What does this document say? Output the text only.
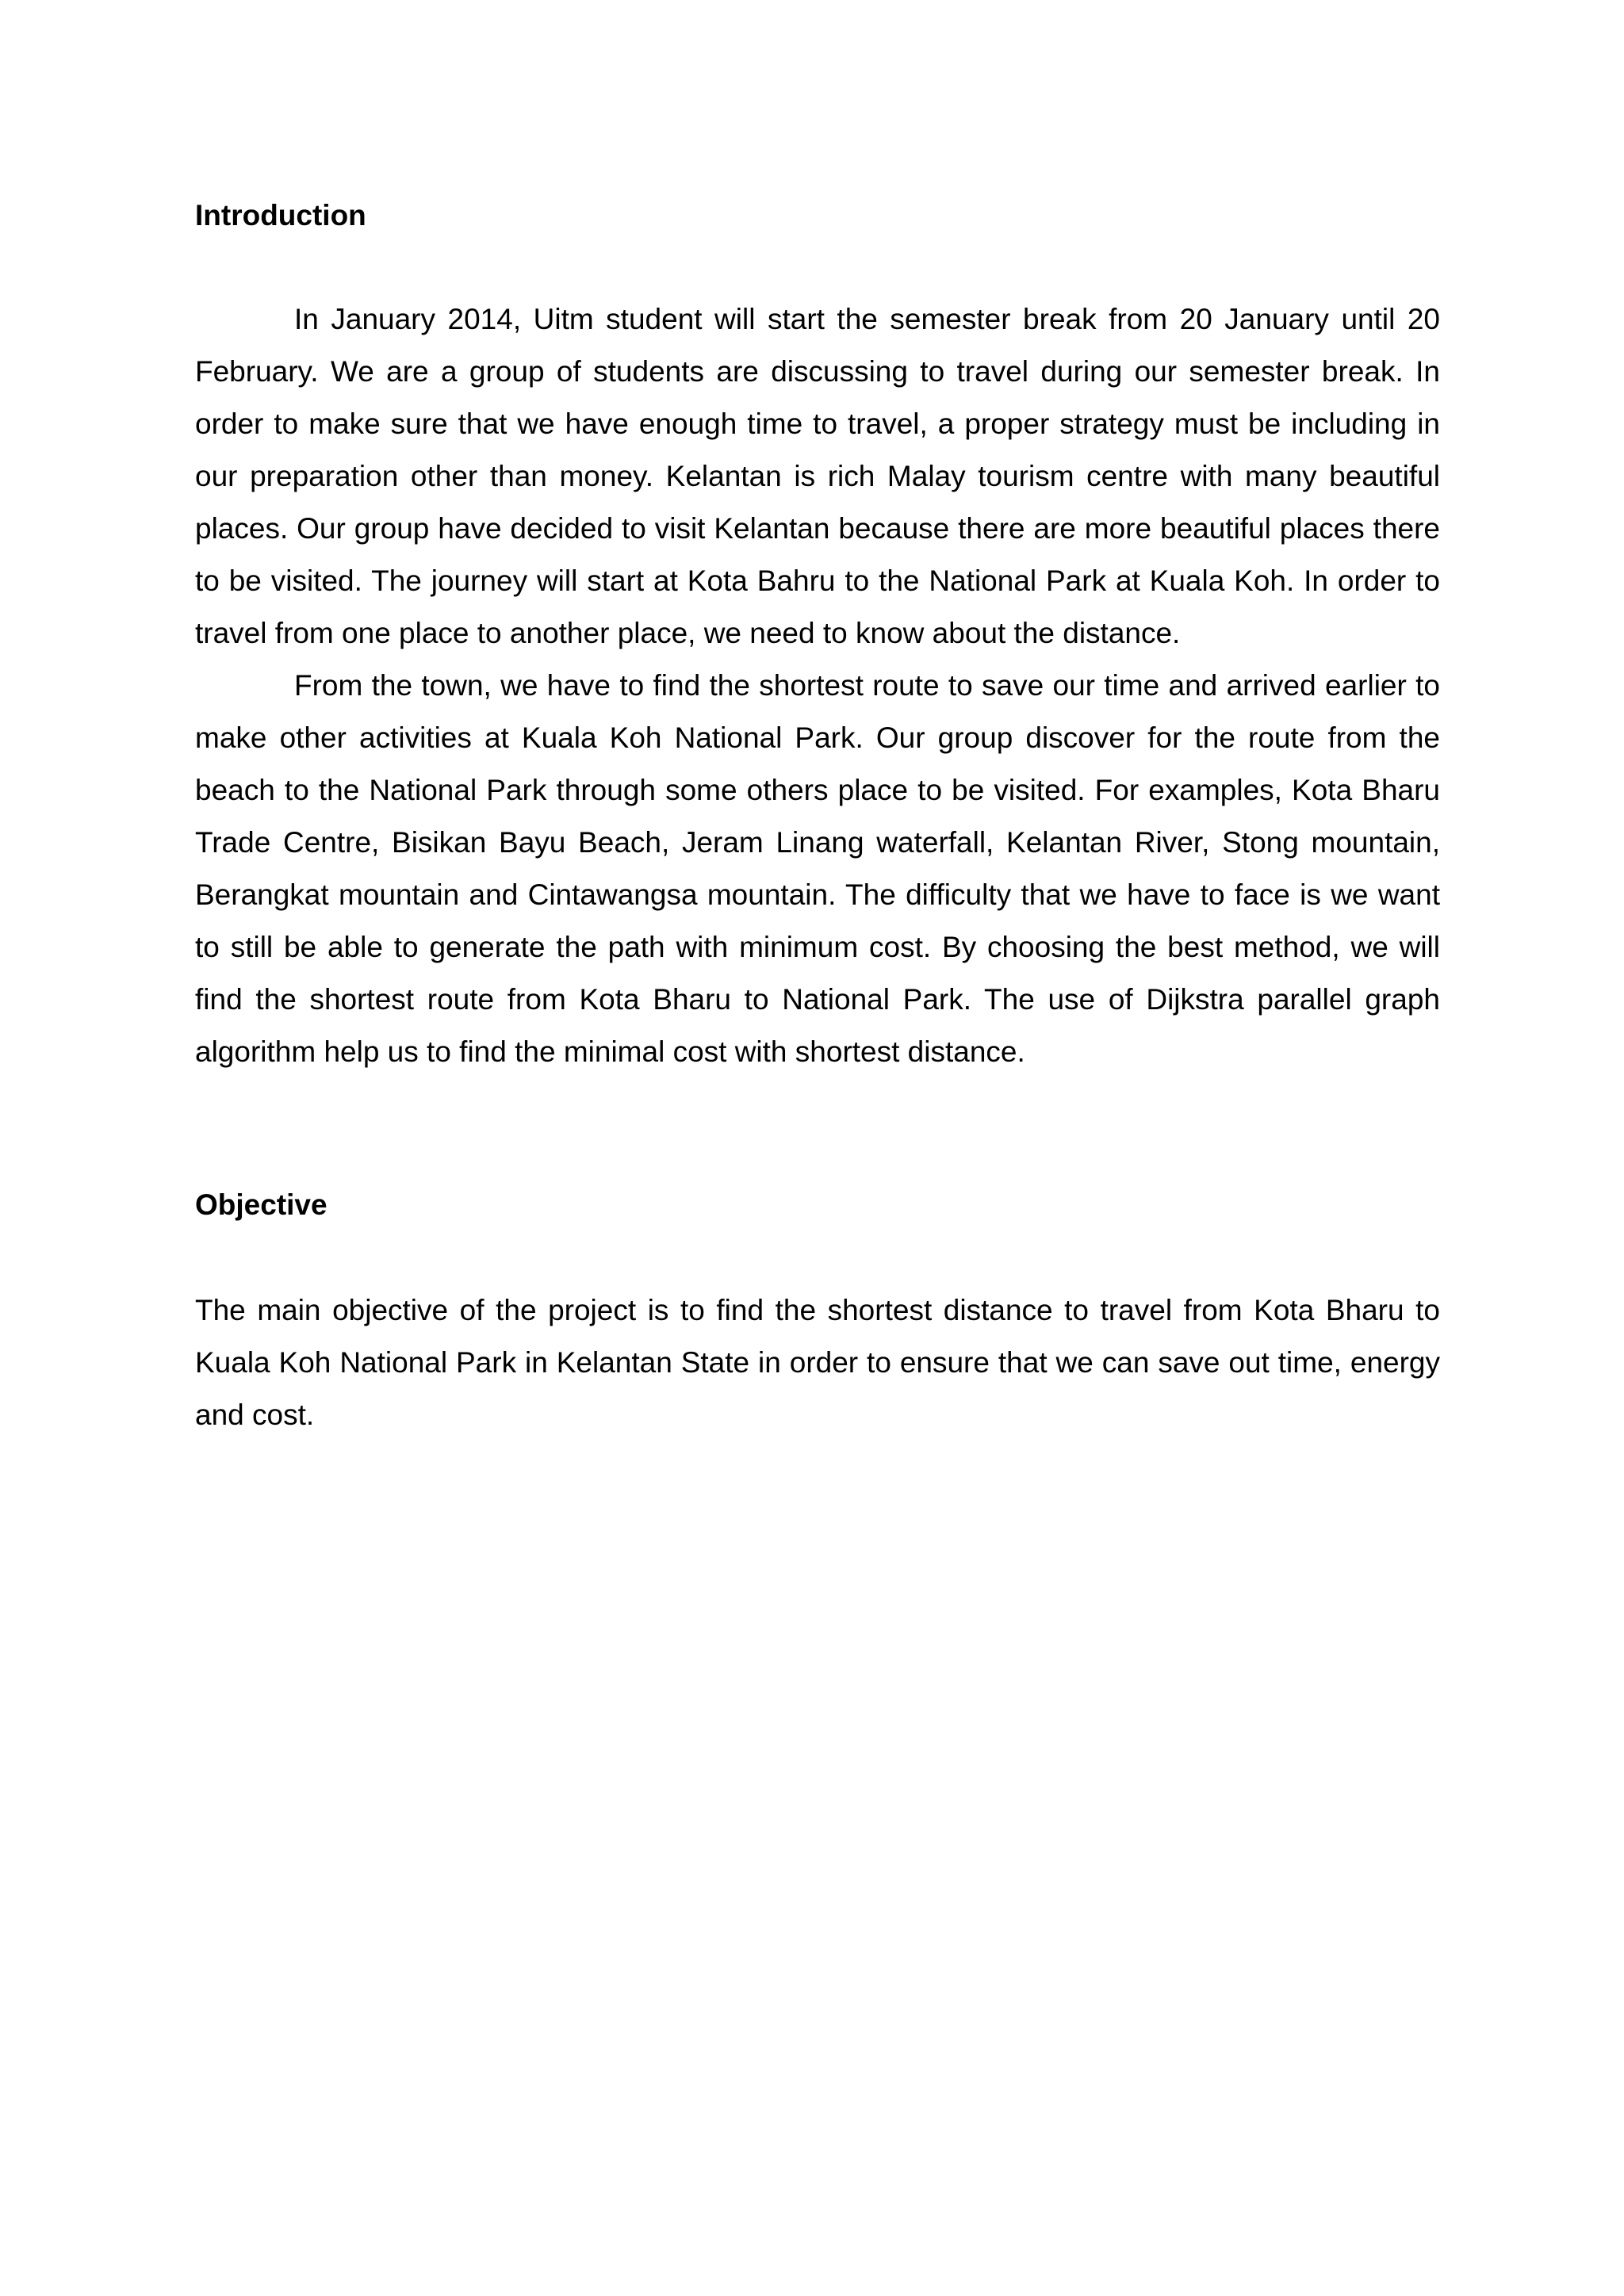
Introduction

In January 2014, Uitm student will start the semester break from 20 January until 20 February. We are a group of students are discussing to travel during our semester break. In order to make sure that we have enough time to travel, a proper strategy must be including in our preparation other than money. Kelantan is rich Malay tourism centre with many beautiful places. Our group have decided to visit Kelantan because there are more beautiful places there to be visited. The journey will start at Kota Bahru to the National Park at Kuala Koh. In order to travel from one place to another place, we need to know about the distance.

From the town, we have to find the shortest route to save our time and arrived earlier to make other activities at Kuala Koh National Park. Our group discover for the route from the beach to the National Park through some others place to be visited. For examples, Kota Bharu Trade Centre, Bisikan Bayu Beach, Jeram Linang waterfall, Kelantan River, Stong mountain, Berangkat mountain and Cintawangsa mountain. The difficulty that we have to face is we want to still be able to generate the path with minimum cost. By choosing the best method, we will find the shortest route from Kota Bharu to National Park. The use of Dijkstra parallel graph algorithm help us to find the minimal cost with shortest distance.

Objective

The main objective of the project is to find the shortest distance to travel from Kota Bharu to Kuala Koh National Park in Kelantan State in order to ensure that we can save out time, energy and cost.
